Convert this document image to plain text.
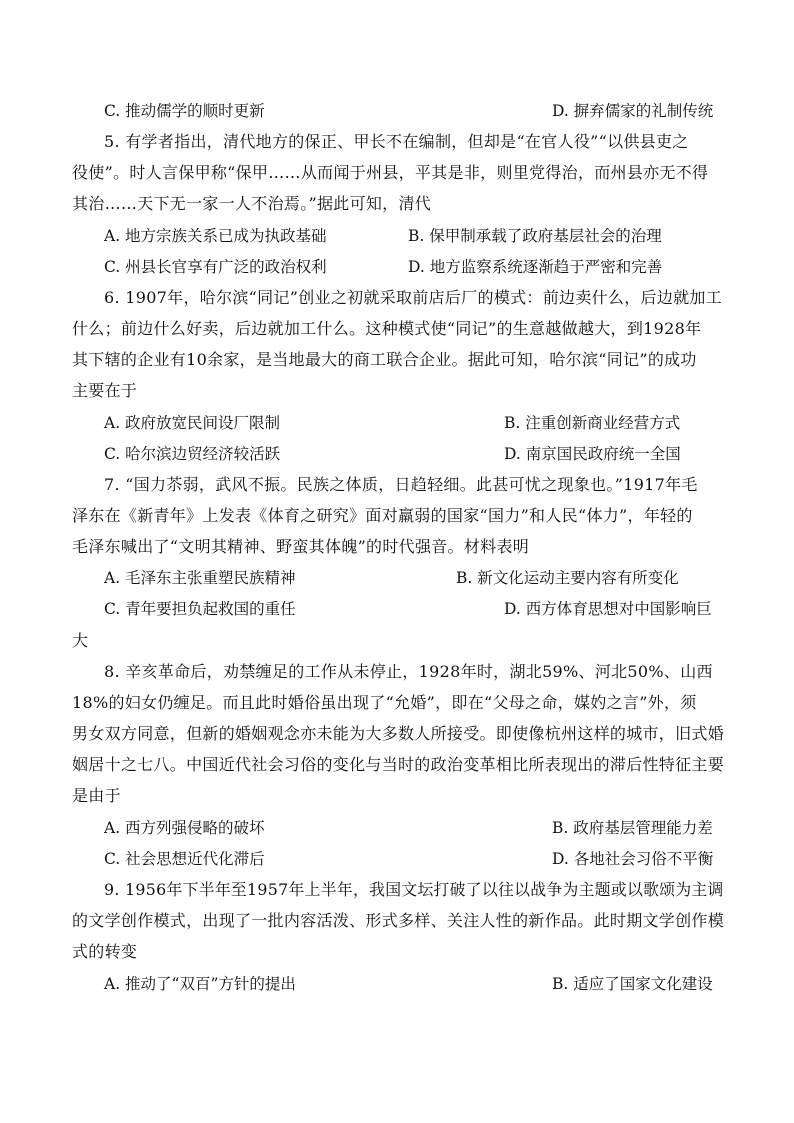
C. 推动儒学的顺时更新	D. 摒弃儒家的礼制传统
5. 有学者指出，清代地方的保正、甲长不在编制，但却是“在官人役”“以供县吏之
役使”。时人言保甲称“保甲……从而闻于州县，平其是非，则里党得治，而州县亦无不得
其治……天下无一家一人不治焉。”据此可知，清代
A. 地方宗族关系已成为执政基础	B. 保甲制承载了政府基层社会的治理
C. 州县长官享有广泛的政治权利	D. 地方监察系统逐渐趋于严密和完善
6. 1907年，哈尔滨“同记”创业之初就采取前店后厂的模式：前边卖什么，后边就加工
什么；前边什么好卖，后边就加工什么。这种模式使“同记”的生意越做越大，到1928年
其下辖的企业有10余家，是当地最大的商工联合企业。据此可知，哈尔滨“同记”的成功
主要在于
A. 政府放宽民间设厂限制	B. 注重创新商业经营方式
C. 哈尔滨边贸经济较活跃	D. 南京国民政府统一全国
7. “国力苶弱，武风不振。民族之体质，日趋轻细。此甚可忧之现象也。”1917年毛
泽东在《新青年》上发表《体育之研究》面对羸弱的国家“国力”和人民“体力”，年轻的
毛泽东喊出了“文明其精神、野蛮其体魄”的时代强音。材料表明
A. 毛泽东主张重塑民族精神	B. 新文化运动主要内容有所变化
C. 青年要担负起救国的重任	D. 西方体育思想对中国影响巨
大
8. 辛亥革命后，劝禁缠足的工作从未停止，1928年时，湖北59%、河北50%、山西
18%的妇女仍缠足。而且此时婚俗虽出现了“允婚”，即在“父母之命，媒妁之言”外，须
男女双方同意，但新的婚姻观念亦未能为大多数人所接受。即使像杭州这样的城市，旧式婚
姻居十之七八。中国近代社会习俗的变化与当时的政治变革相比所表现出的滞后性特征主要
是由于
A. 西方列强侵略的破坏	B. 政府基层管理能力差
C. 社会思想近代化滞后	D. 各地社会习俗不平衡
9. 1956年下半年至1957年上半年，我国文坛打破了以往以战争为主题或以歌颂为主调
的文学创作模式，出现了一批内容活泼、形式多样、关注人性的新作品。此时期文学创作模
式的转变
A. 推动了“双百”方针的提出	B. 适应了国家文化建设
